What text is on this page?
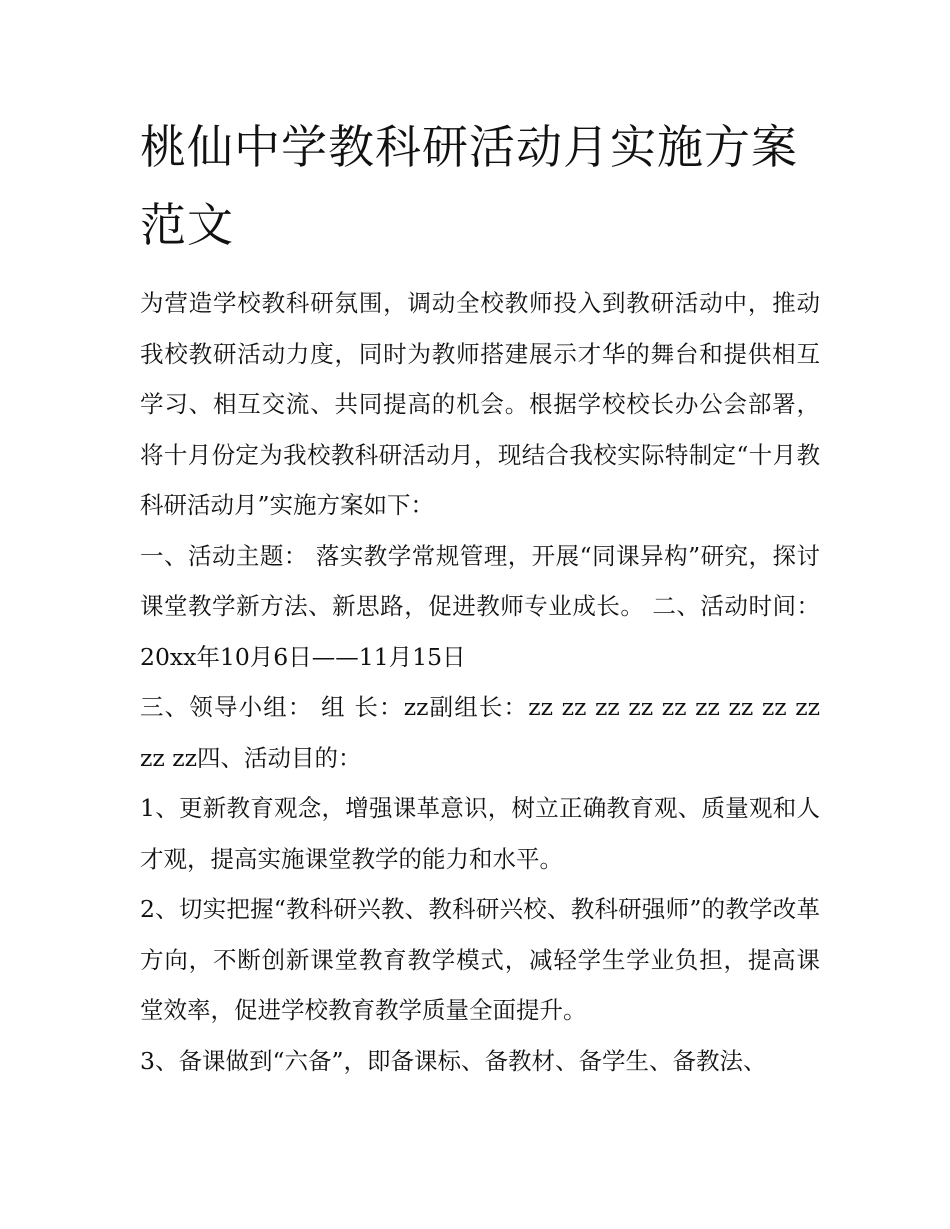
桃仙中学教科研活动月实施方案范文

为营造学校教科研氛围，调动全校教师投入到教研活动中，推动我校教研活动力度，同时为教师搭建展示才华的舞台和提供相互学习、相互交流、共同提高的机会。根据学校校长办公会部署，将十月份定为我校教科研活动月，现结合我校实际特制定“十月教科研活动月”实施方案如下：

一、活动主题： 落实教学常规管理，开展“同课异构”研究，探讨课堂教学新方法、新思路，促进教师专业成长。 二、活动时间： 20xx年10月6日——11月15日

三、领导小组： 组 长：zz副组长：zz zz zz zz zz zz zz zz zz zz zz四、活动目的：

1、更新教育观念，增强课革意识，树立正确教育观、质量观和人才观，提高实施课堂教学的能力和水平。

2、切实把握“教科研兴教、教科研兴校、教科研强师”的教学改革方向，不断创新课堂教育教学模式，减轻学生学业负担，提高课堂效率，促进学校教育教学质量全面提升。

3、备课做到“六备”，即备课标、备教材、备学生、备教法、
